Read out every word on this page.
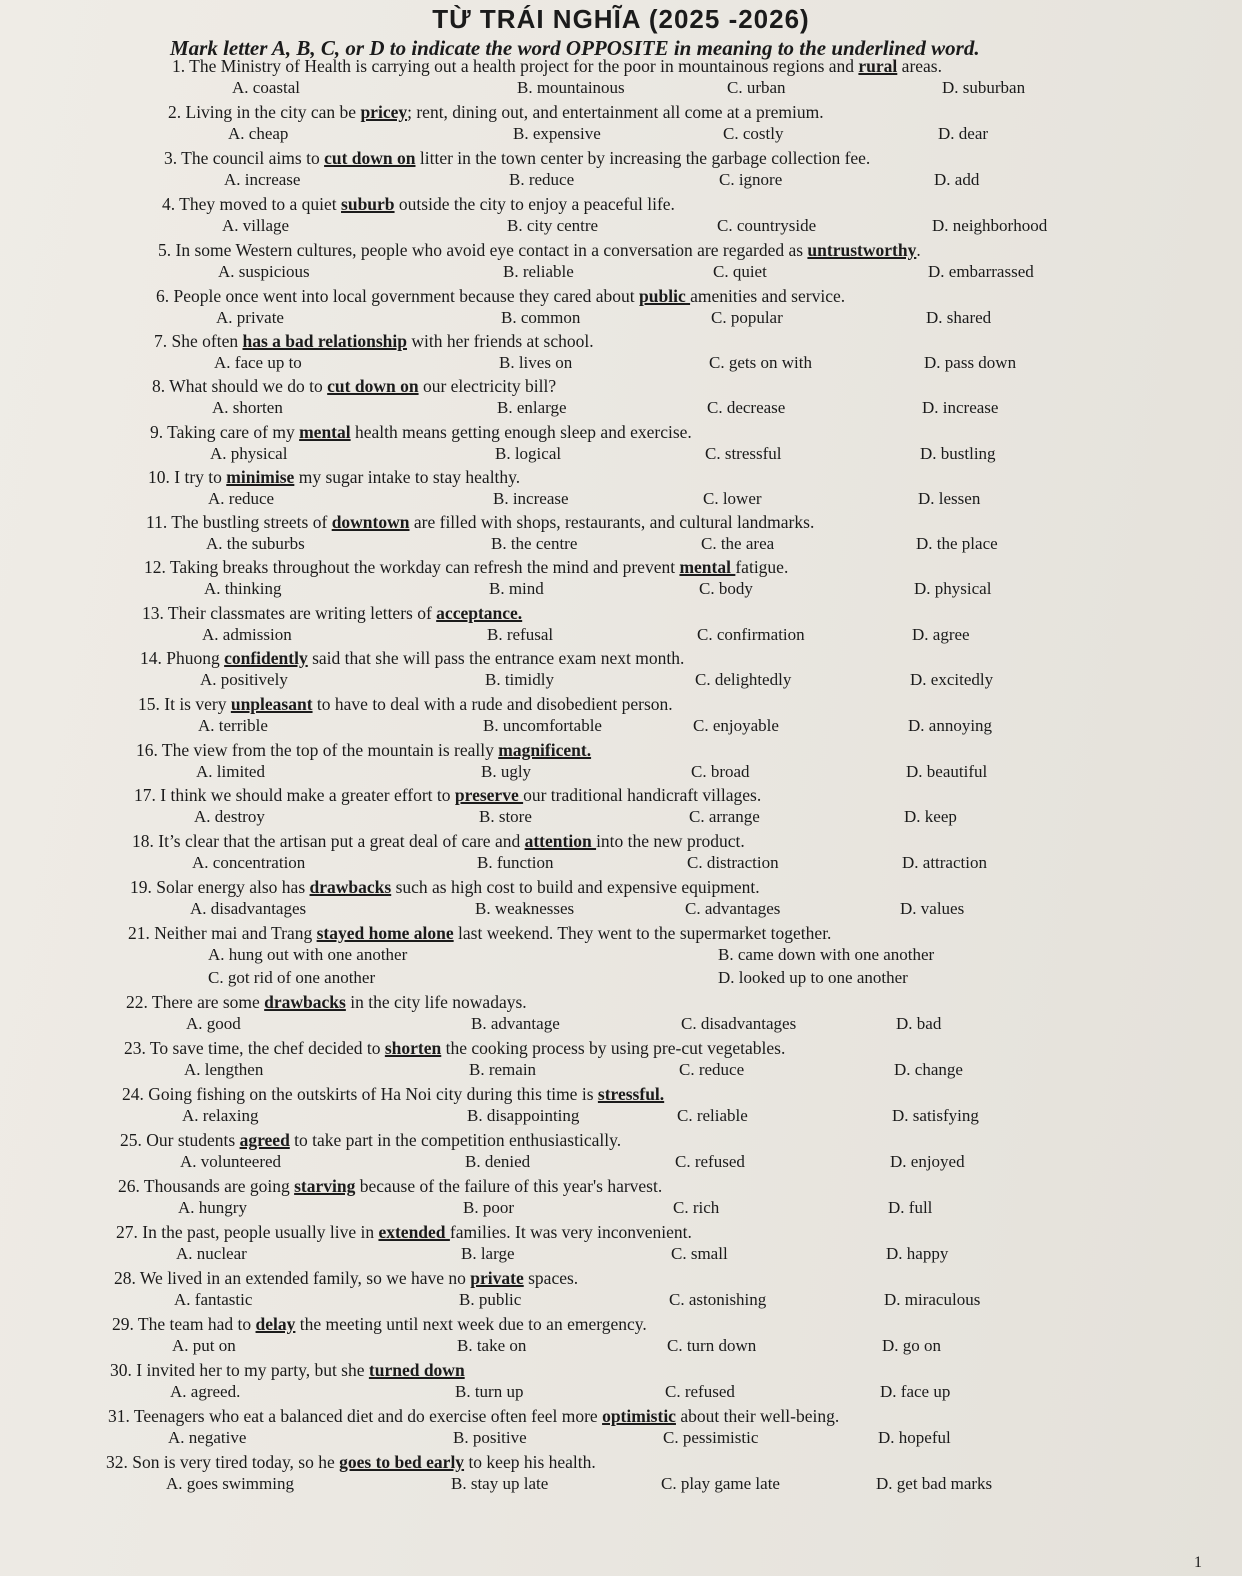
TỪ TRÁI NGHĨA (2025 -2026)
Mark letter A, B, C, or D to indicate the word OPPOSITE in meaning to the underlined word.
1. The Ministry of Health is carrying out a health project for the poor in mountainous regions and rural areas.
A. coastal	B. mountainous	C. urban	D. suburban
2. Living in the city can be pricey; rent, dining out, and entertainment all come at a premium.
A. cheap	B. expensive	C. costly	D. dear
3. The council aims to cut down on litter in the town center by increasing the garbage collection fee.
A. increase	B. reduce	C. ignore	D. add
4. They moved to a quiet suburb outside the city to enjoy a peaceful life.
A. village	B. city centre	C. countryside	D. neighborhood
5. In some Western cultures, people who avoid eye contact in a conversation are regarded as untrustworthy.
A. suspicious	B. reliable	C. quiet	D. embarrassed
6. People once went into local government because they cared about public amenities and service.
A. private	B. common	C. popular	D. shared
7. She often has a bad relationship with her friends at school.
A. face up to	B. lives on	C. gets on with	D. pass down
8. What should we do to cut down on our electricity bill?
A. shorten	B. enlarge	C. decrease	D. increase
9. Taking care of my mental health means getting enough sleep and exercise.
A. physical	B. logical	C. stressful	D. bustling
10. I try to minimise my sugar intake to stay healthy.
A. reduce	B. increase	C. lower	D. lessen
11. The bustling streets of downtown are filled with shops, restaurants, and cultural landmarks.
A. the suburbs	B. the centre	C. the area	D. the place
12. Taking breaks throughout the workday can refresh the mind and prevent mental fatigue.
A. thinking	B. mind	C. body	D. physical
13. Their classmates are writing letters of acceptance.
A. admission	B. refusal	C. confirmation	D. agree
14. Phuong confidently said that she will pass the entrance exam next month.
A. positively	B. timidly	C. delightedly	D. excitedly
15. It is very unpleasant to have to deal with a rude and disobedient person.
A. terrible	B. uncomfortable	C. enjoyable	D. annoying
16. The view from the top of the mountain is really magnificent.
A. limited	B. ugly	C. broad	D. beautiful
17. I think we should make a greater effort to preserve our traditional handicraft villages.
A. destroy	B. store	C. arrange	D. keep
18. It’s clear that the artisan put a great deal of care and attention into the new product.
A. concentration	B. function	C. distraction	D. attraction
19. Solar energy also has drawbacks such as high cost to build and expensive equipment.
A. disadvantages	B. weaknesses	C. advantages	D. values
21. Neither mai and Trang stayed home alone last weekend. They went to the supermarket together.
A. hung out with one another	B. came down with one another
C. got rid of one another	D. looked up to one another
22. There are some drawbacks in the city life nowadays.
A. good	B. advantage	C. disadvantages	D. bad
23. To save time, the chef decided to shorten the cooking process by using pre-cut vegetables.
A. lengthen	B. remain	C. reduce	D. change
24. Going fishing on the outskirts of Ha Noi city during this time is stressful.
A. relaxing	B. disappointing	C. reliable	D. satisfying
25. Our students agreed to take part in the competition enthusiastically.
A. volunteered	B. denied	C. refused	D. enjoyed
26. Thousands are going starving because of the failure of this year's harvest.
A. hungry	B. poor	C. rich	D. full
27. In the past, people usually live in extended families. It was very inconvenient.
A. nuclear	B. large	C. small	D. happy
28. We lived in an extended family, so we have no private spaces.
A. fantastic	B. public	C. astonishing	D. miraculous
29. The team had to delay the meeting until next week due to an emergency.
A. put on	B. take on	C. turn down	D. go on
30. I invited her to my party, but she turned down
A. agreed.	B. turn up	C. refused	D. face up
31. Teenagers who eat a balanced diet and do exercise often feel more optimistic about their well-being.
A. negative	B. positive	C. pessimistic	D. hopeful
32. Son is very tired today, so he goes to bed early to keep his health.
A. goes swimming	B. stay up late	C. play game late	D. get bad marks
1
